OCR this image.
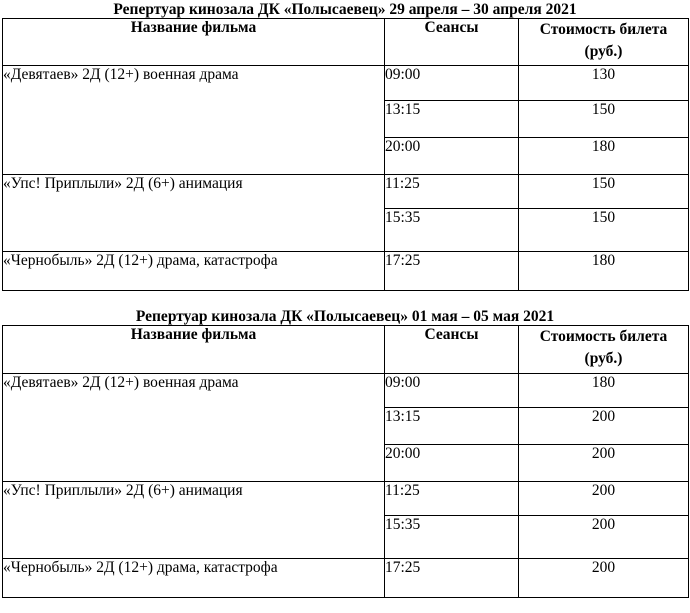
Репертуар кинозала ДК «Полысаевец» 29 апреля – 30 апреля 2021
Название фильма	Сеансы	Стоимость билета
(руб.)

«Девятаев» 2Д (12+) военная драма	09:00	130
	13:15	150
	20:00	180
«Упс! Приплыли» 2Д (6+) анимация	11:25	150
	15:35	150
«Чернобыль» 2Д (12+) драма, катастрофа	17:25	180
Репертуар кинозала ДК «Полысаевец» 01 мая – 05 мая 2021
Название фильма	Сеансы	Стоимость билета
(руб.)

«Девятаев» 2Д (12+) военная драма	09:00	180
	13:15	200
	20:00	200
«Упс! Приплыли» 2Д (6+) анимация	11:25	200
	15:35	200
«Чернобыль» 2Д (12+) драма, катастрофа	17:25	200
